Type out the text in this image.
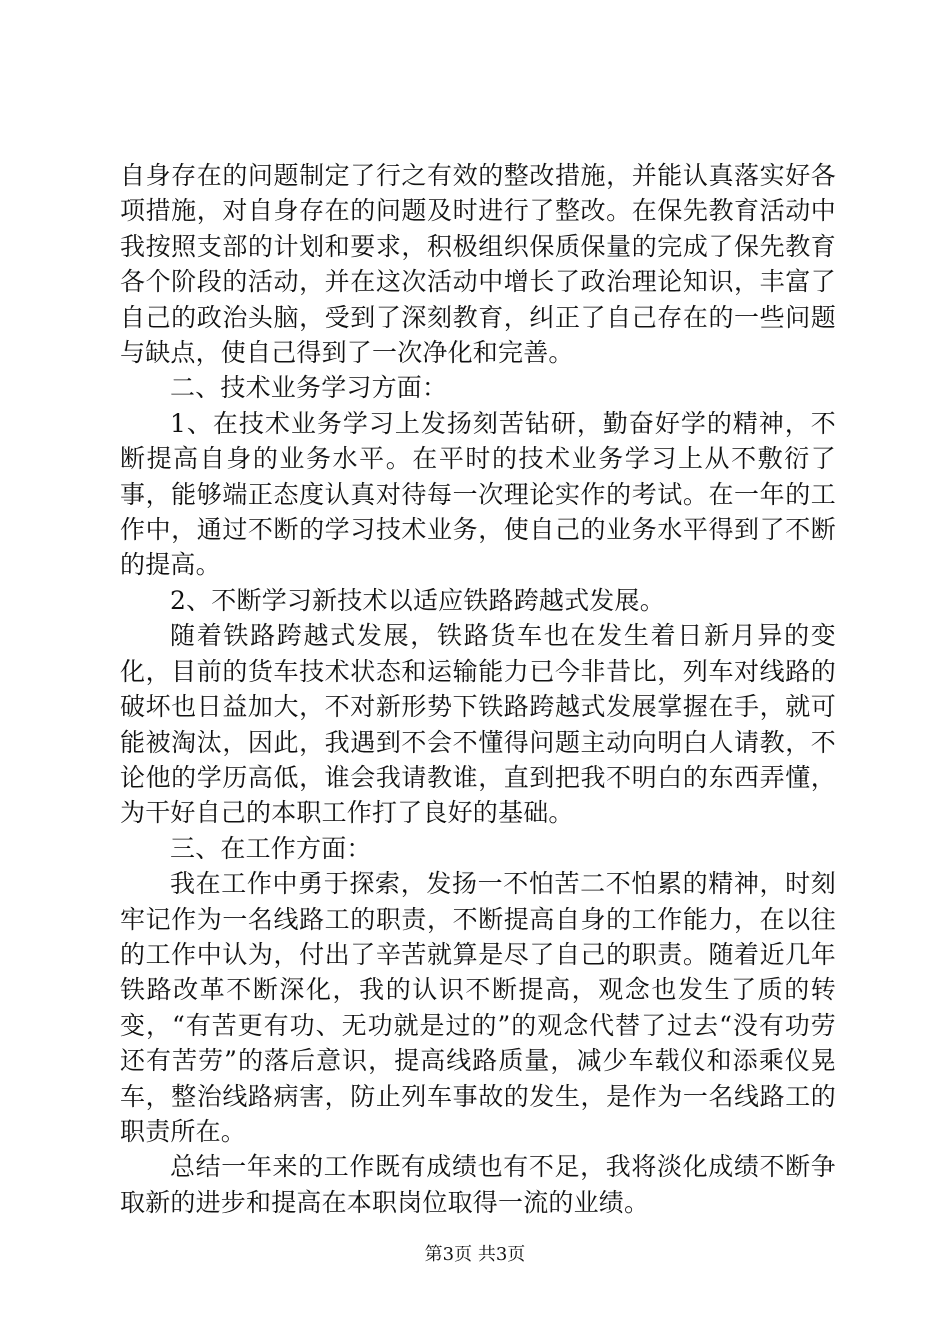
自身存在的问题制定了行之有效的整改措施，并能认真落实好各项措施，对自身存在的问题及时进行了整改。在保先教育活动中我按照支部的计划和要求，积极组织保质保量的完成了保先教育各个阶段的活动，并在这次活动中增长了政治理论知识，丰富了自己的政治头脑，受到了深刻教育，纠正了自己存在的一些问题与缺点，使自己得到了一次净化和完善。

二、技术业务学习方面：

1、在技术业务学习上发扬刻苦钻研，勤奋好学的精神，不断提高自身的业务水平。在平时的技术业务学习上从不敷衍了事，能够端正态度认真对待每一次理论实作的考试。在一年的工作中，通过不断的学习技术业务，使自己的业务水平得到了不断的提高。

2、不断学习新技术以适应铁路跨越式发展。

随着铁路跨越式发展，铁路货车也在发生着日新月异的变化，目前的货车技术状态和运输能力已今非昔比，列车对线路的破坏也日益加大，不对新形势下铁路跨越式发展掌握在手，就可能被淘汰，因此，我遇到不会不懂得问题主动向明白人请教，不论他的学历高低，谁会我请教谁，直到把我不明白的东西弄懂，为干好自己的本职工作打了良好的基础。

三、在工作方面：

我在工作中勇于探索，发扬一不怕苦二不怕累的精神，时刻牢记作为一名线路工的职责，不断提高自身的工作能力，在以往的工作中认为，付出了辛苦就算是尽了自己的职责。随着近几年铁路改革不断深化，我的认识不断提高，观念也发生了质的转变，“有苦更有功、无功就是过的”的观念代替了过去“没有功劳还有苦劳”的落后意识，提高线路质量，减少车载仪和添乘仪晃车，整治线路病害，防止列车事故的发生，是作为一名线路工的职责所在。

总结一年来的工作既有成绩也有不足，我将淡化成绩不断争取新的进步和提高在本职岗位取得一流的业绩。

第3页 共3页
